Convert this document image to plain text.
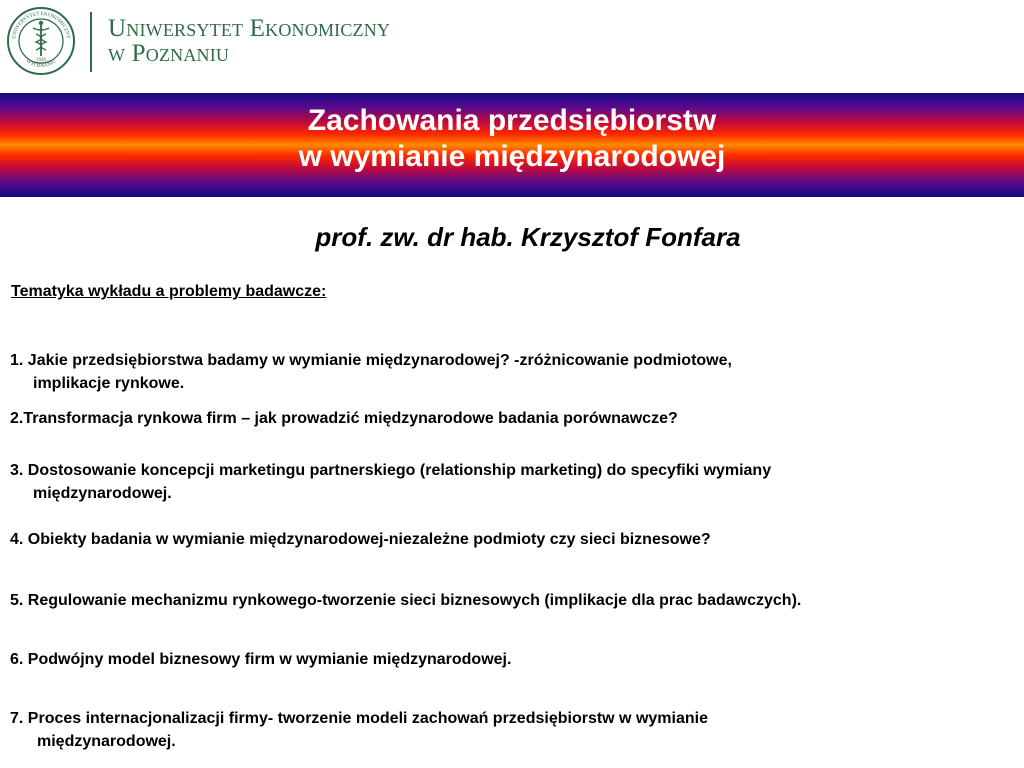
UNIWERSYTET EKONOMICZNY
W POZNANIU
1926
Uniwersytet Ekonomiczny
w Poznaniu
Zachowania przedsiębiorstw
w wymianie międzynarodowej
prof. zw. dr hab. Krzysztof Fonfara
Tematyka wykładu a problemy badawcze:
1. Jakie przedsiębiorstwa badamy w wymianie międzynarodowej? -zróżnicowanie podmiotowe,
implikacje rynkowe.
2.Transformacja rynkowa firm – jak prowadzić międzynarodowe badania porównawcze?
3. Dostosowanie koncepcji marketingu partnerskiego (relationship marketing) do specyfiki wymiany
międzynarodowej.
4. Obiekty badania w wymianie międzynarodowej-niezależne podmioty czy sieci biznesowe?
5. Regulowanie mechanizmu rynkowego-tworzenie sieci biznesowych (implikacje dla prac badawczych).
6. Podwójny model biznesowy firm w wymianie międzynarodowej.
7. Proces internacjonalizacji firmy- tworzenie modeli zachowań przedsiębiorstw w wymianie
międzynarodowej.
